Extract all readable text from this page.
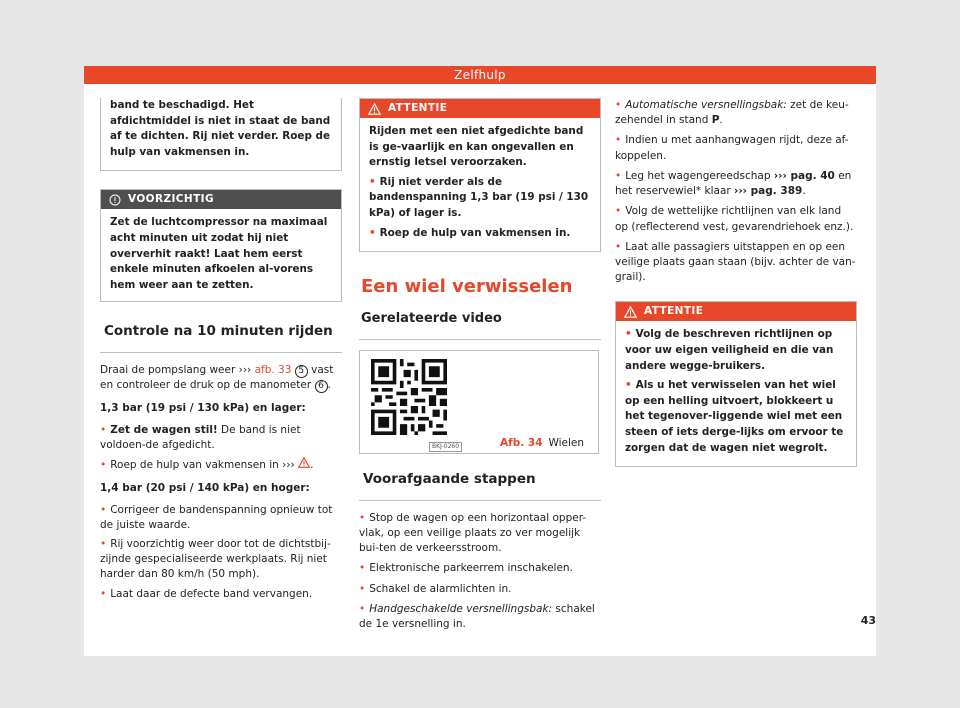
Zelfhulp

band te beschadigd. Het afdichtmiddel is niet in staat de band af te dichten. Rij niet verder. Roep de hulp van vakmensen in.

VOORZICHTIG
Zet de luchtcompressor na maximaal acht minuten uit zodat hij niet oververhit raakt! Laat hem eerst enkele minuten afkoelen al-vorens hem weer aan te zetten.
Controle na 10 minuten rijden

Draai de pompslang weer ››› afb. 33 5 vast en controleer de druk op de manometer 6 .

1,3 bar (19 psi / 130 kPa) en lager:

• Zet de wagen stil! De band is niet voldoen-de afgedicht.

• Roep de hulp van vakmensen in ››› .

1,4 bar (20 psi / 140 kPa) en hoger:

• Corrigeer de bandenspanning opnieuw tot de juiste waarde.

• Rij voorzichtig weer door tot de dichtstbij-zijnde gespecialiseerde werkplaats. Rij niet harder dan 80 km/h (50 mph).

• Laat daar de defecte band vervangen.

ATTENTIE

Rijden met een niet afgedichte band is ge-vaarlijk en kan ongevallen en ernstig letsel veroorzaken.

• Rij niet verder als de bandenspanning 1,3 bar (19 psi / 130 kPa) of lager is.

• Roep de hulp van vakmensen in.

Een wiel verwisselen
Gerelateerde video
BKJ-0260	Afb. 34 Wielen
Voorafgaande stappen

• Stop de wagen op een horizontaal opper-vlak, op een veilige plaats zo ver mogelijk bui-ten de verkeersstroom.

• Elektronische parkeerrem inschakelen.

• Schakel de alarmlichten in.

• Handgeschakelde versnellingsbak: schakel de 1e versnelling in.

• Automatische versnellingsbak: zet de keu-zehendel in stand P.

• Indien u met aanhangwagen rijdt, deze af-koppelen.

• Leg het wagengereedschap ››› pag. 40 en het reservewiel* klaar ››› pag. 389.

• Volg de wettelijke richtlijnen van elk land op (reflecterend vest, gevarendriehoek enz.).

• Laat alle passagiers uitstappen en op een veilige plaats gaan staan (bijv. achter de van-grail).

ATTENTIE

• Volg de beschreven richtlijnen op voor uw eigen veiligheid en die van andere wegge-bruikers.

• Als u het verwisselen van het wiel op een helling uitvoert, blokkeert u het tegenover-liggende wiel met een steen of iets derge-lijks om ervoor te zorgen dat de wagen niet wegrolt.

43
